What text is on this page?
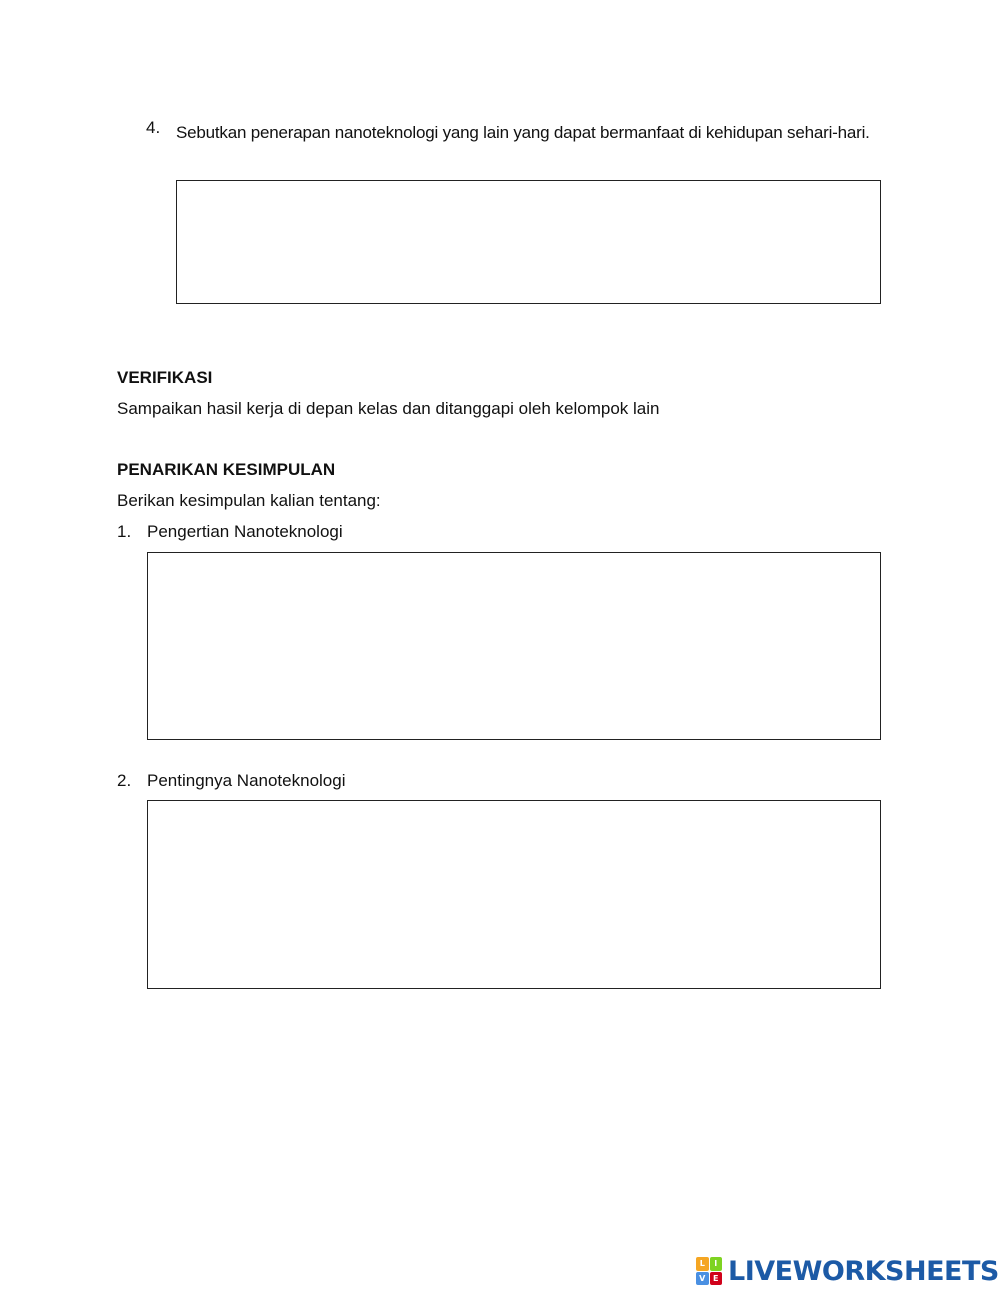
4. Sebutkan penerapan nanoteknologi yang lain yang dapat bermanfaat di kehidupan sehari-hari.
VERIFIKASI
Sampaikan hasil kerja di depan kelas dan ditanggapi oleh kelompok lain
PENARIKAN KESIMPULAN
Berikan kesimpulan kalian tentang:
1. Pengertian Nanoteknologi
2. Pentingnya Nanoteknologi
L	I
V E LIVEWORKSHEETS
